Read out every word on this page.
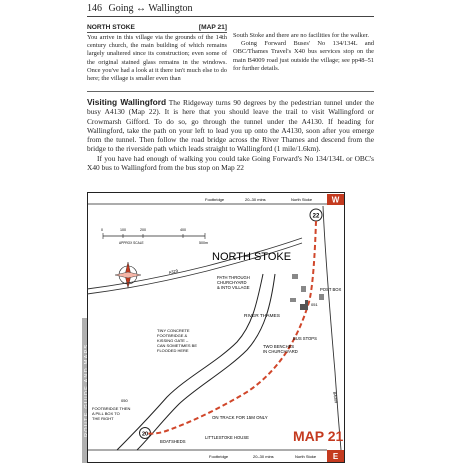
146 Going ↔ Wallington
NORTH STOKE	[MAP 21]
You arrive in this village via the grounds of the 14th century church, the main building of which remains largely unaltered since its construction; even some of the original stained glass remains in the windows. Once you've had a look at it there isn't much else to do here; the village is smaller even than

South Stoke and there are no facilities for the walker.

Going Forward Buses' No 134/134L and OBC/Thames Travel's X40 bus services stop on the main B4009 road just outside the village; see pp48–51 for further details.

Visiting Wallingford The Ridgeway turns 90 degrees by the pedestrian tunnel under the busy A4130 (Map 22). It is here that you should leave the trail to visit Wallingford or Crowmarsh Gifford. To do so, go through the tunnel under the A4130. If heading for Wallingford, take the path on your left to lead you up onto the A4130, soon after you emerge from the tunnel. Then follow the road bridge across the River Thames and descend from the bridge to the riverside path which leads straight to Wallingford (1 mile/1.6km).

If you have had enough of walking you could take Going Forward's No 134/134L or OBC's X40 bus to Wallingford from the bus stop on Map 22

Footbridge	20–30 mins	North Stoke W
22
Footbridge	20–30 mins	North Stoke E
20
0	100	200	400
500m
APPROX SCALE
A329
RIVER THAMES
B4009
NORTH STOKE
PATH THROUGH CHURCHYARD & INTO VILLAGE	POST BOX
BUS STOPS
TWO BENCHES IN CHURCHYARD
TINY CONCRETE FOOTBRIDGE & KISSING GATE – CAN SOMETIMES BE FLOODED HERE
FOOTBRIDGE THEN A PILL BOX TO THE RIGHT	ON TRACK FOR 15M ONLY
BOATSHEDS
LITTLESTOKE HOUSE
050
051
MAP 21
